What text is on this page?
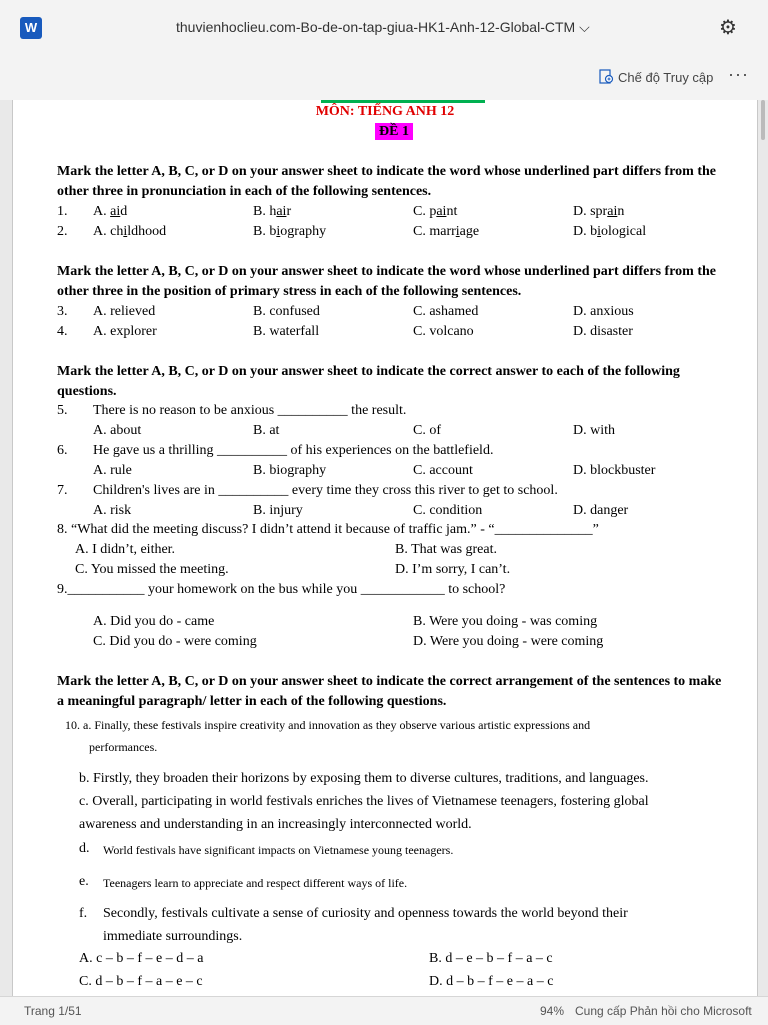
W	thuvienhoclieu.com-Bo-de-on-tap-giua-HK1-Anh-12-Global-CTM ⌵	⚙
Chế độ Truy cập ···
MÔN: TIẾNG ANH 12
ĐỀ 1
Mark the letter A, B, C, or D on your answer sheet to indicate the word whose underlined part differs from the other three in pronunciation in each of the following sentences.
1. A. aid	B. hair	C. paint	D. sprain
2. A. childhood	B. biography	C. marriage	D. biological
Mark the letter A, B, C, or D on your answer sheet to indicate the word whose underlined part differs from the other three in the position of primary stress in each of the following sentences.
3. A. relieved	B. confused	C. ashamed	D. anxious
4. A. explorer	B. waterfall	C. volcano	D. disaster
Mark the letter A, B, C, or D on your answer sheet to indicate the correct answer to each of the following questions.
5. There is no reason to be anxious __________ the result.
A. about	B. at	C. of	D. with
6. He gave us a thrilling __________ of his experiences on the battlefield.
A. rule	B. biography	C. account	D. blockbuster
7. Children's lives are in __________ every time they cross this river to get to school.
A. risk	B. injury	C. condition	D. danger
8. “What did the meeting discuss? I didn’t attend it because of traffic jam.” - “______________”
A. I didn’t, either.	B. That was great.
C. You missed the meeting.	D. I’m sorry, I can’t.
9.___________ your homework on the bus while you ____________ to school?
A. Did you do - came	B. Were you doing - was coming
C. Did you do - were coming	D. Were you doing - were coming
Mark the letter A, B, C, or D on your answer sheet to indicate the correct arrangement of the sentences to make a meaningful paragraph/ letter in each of the following questions.
10. a. Finally, these festivals inspire creativity and innovation as they observe various artistic expressions and
performances.
b. Firstly, they broaden their horizons by exposing them to diverse cultures, traditions, and languages.
c. Overall, participating in world festivals enriches the lives of Vietnamese teenagers, fostering global
awareness and understanding in an increasingly interconnected world.
d. World festivals have significant impacts on Vietnamese young teenagers.
e. Teenagers learn to appreciate and respect different ways of life.
f. Secondly, festivals cultivate a sense of curiosity and openness towards the world beyond their
immediate surroundings.
A. c – b – f – e – d – a	B. d – e – b – f – a – c
C. d – b – f – a – e – c	D. d – b – f – e – a – c
Trang 1/51	94% Cung cấp Phản hồi cho Microsoft
